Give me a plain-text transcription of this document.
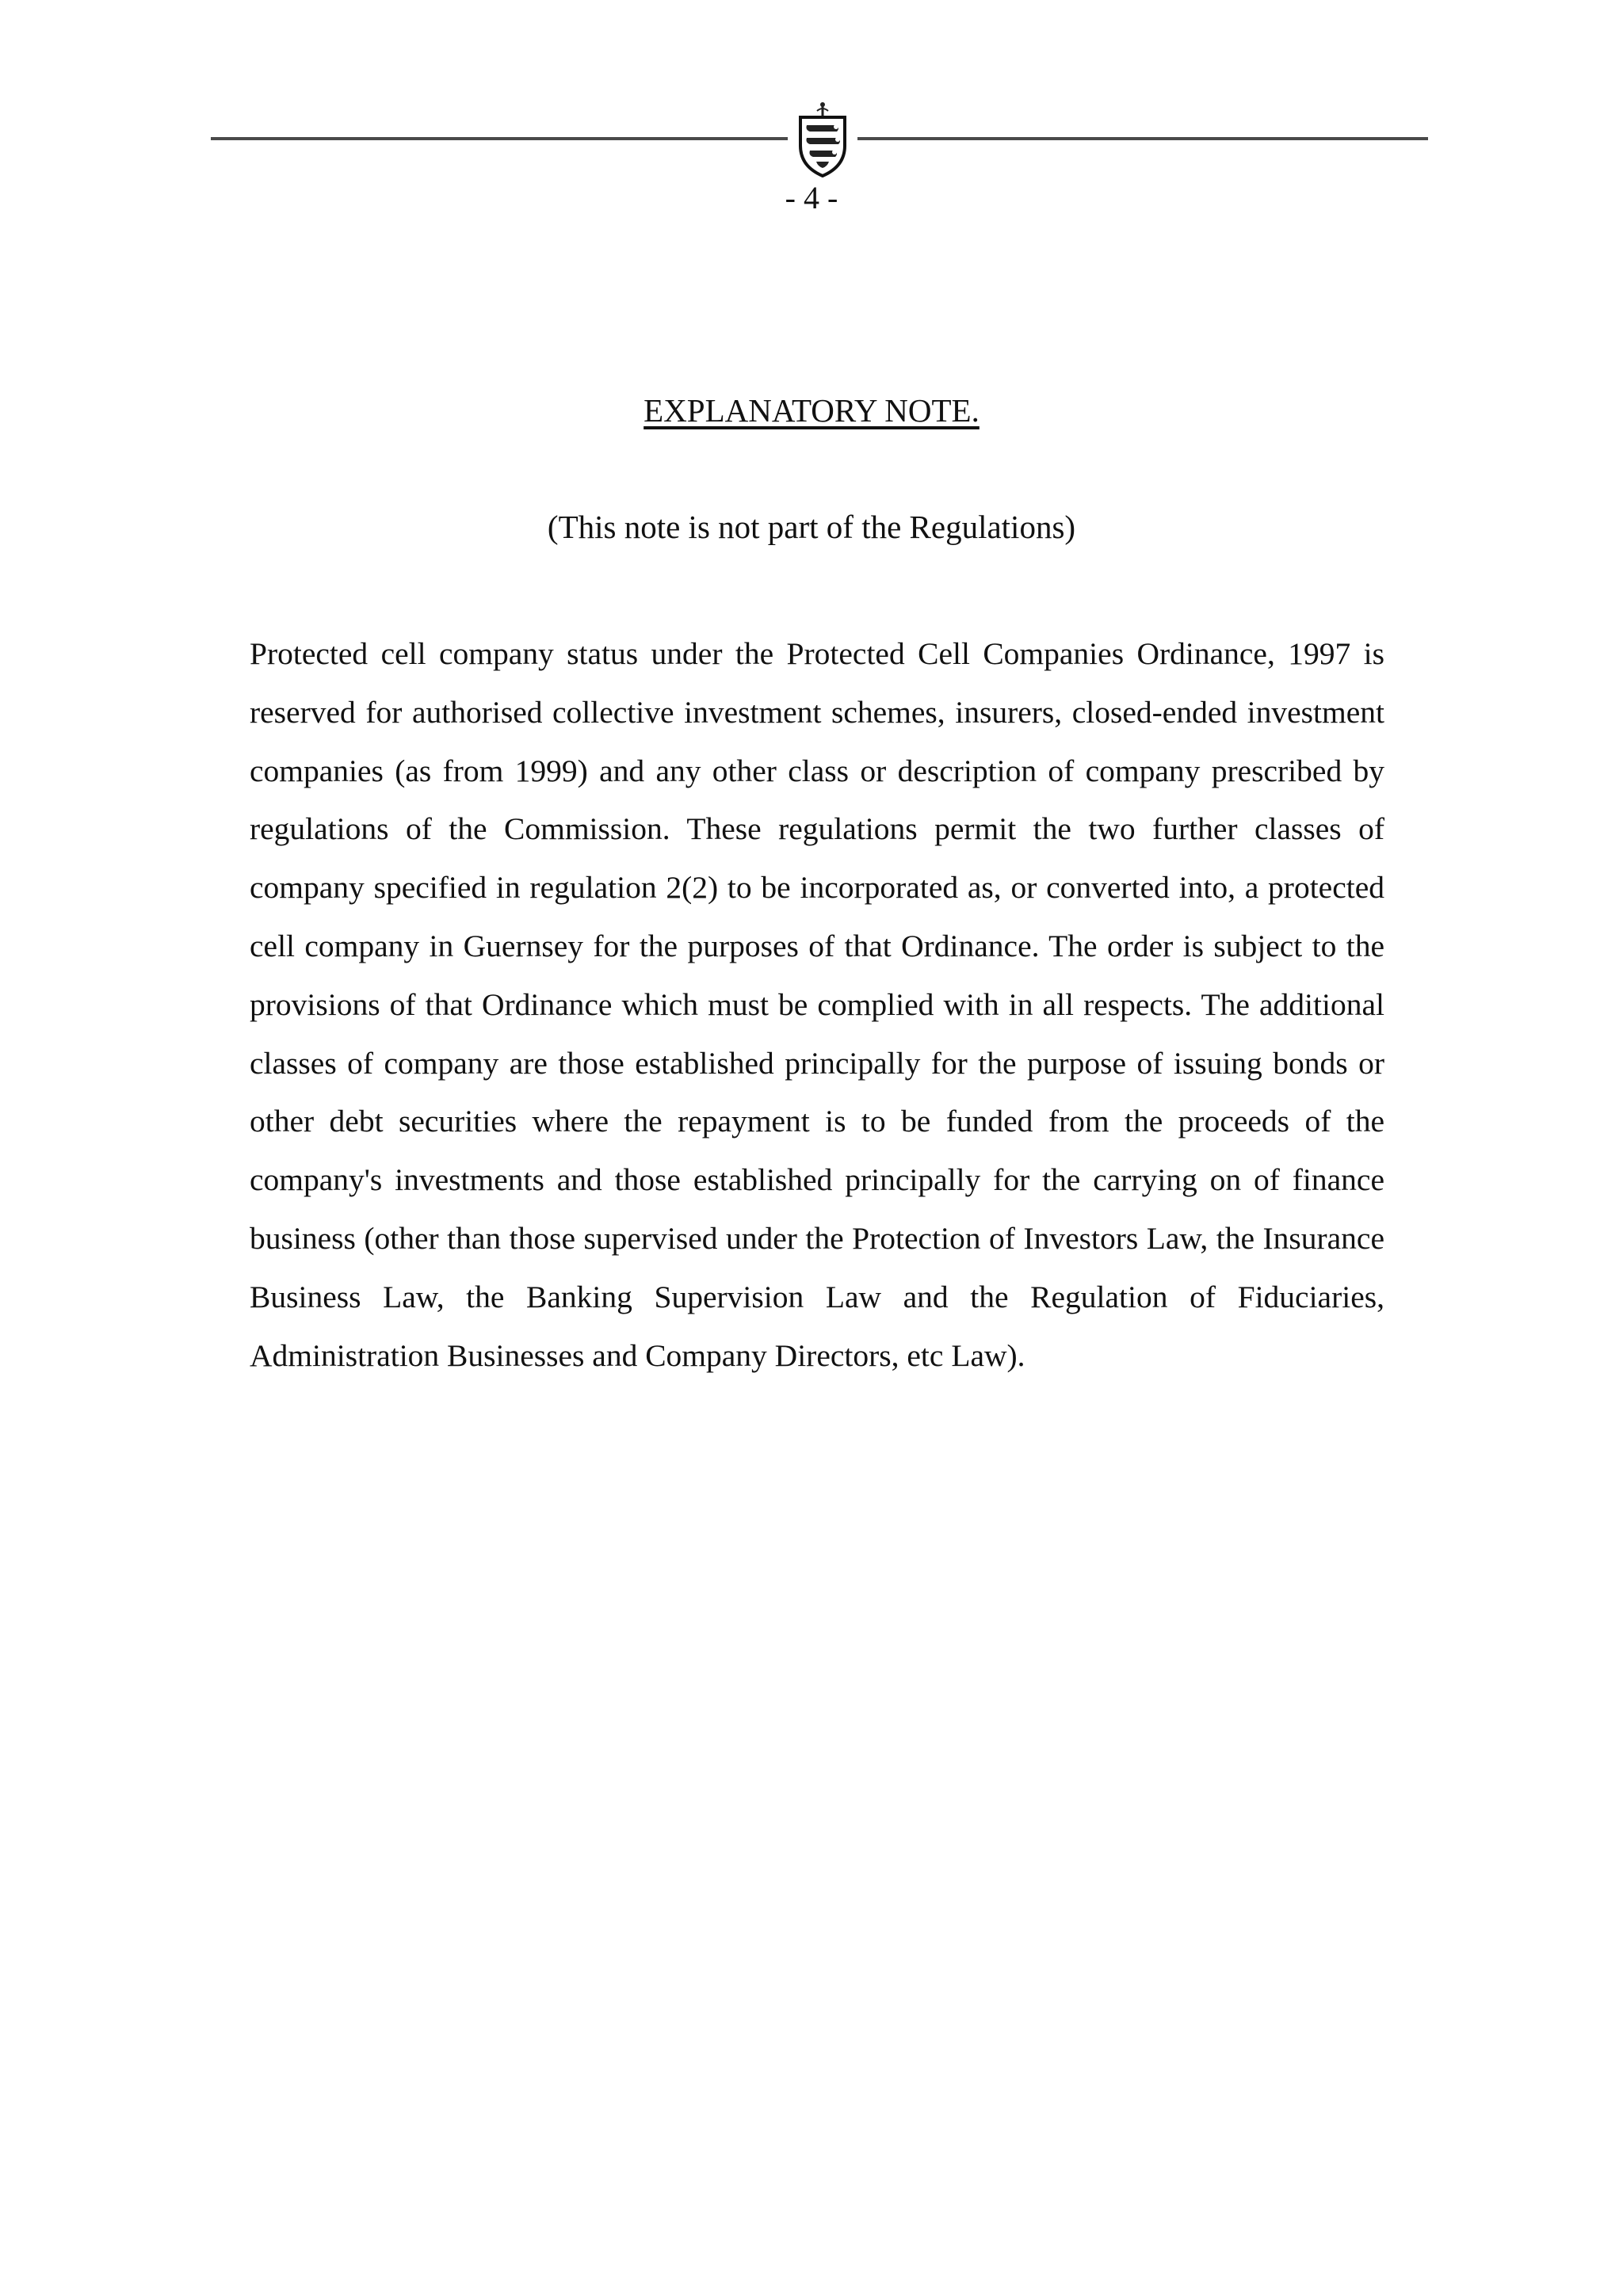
- 4 -
EXPLANATORY NOTE.
(This note is not part of the Regulations)

Protected cell company status under the Protected Cell Companies Ordinance, 1997 is reserved for authorised collective investment schemes, insurers, closed-ended investment companies (as from 1999) and any other class or description of company prescribed by regulations of the Commission. These regulations permit the two further classes of company specified in regulation 2(2) to be incorporated as, or converted into, a protected cell company in Guernsey for the purposes of that Ordinance. The order is subject to the provisions of that Ordinance which must be complied with in all respects. The additional classes of company are those established principally for the purpose of issuing bonds or other debt securities where the repayment is to be funded from the proceeds of the company's investments and those established principally for the carrying on of finance business (other than those supervised under the Protection of Investors Law, the Insurance Business Law, the Banking Supervision Law and the Regulation of Fiduciaries, Administration Businesses and Company Directors, etc Law).
